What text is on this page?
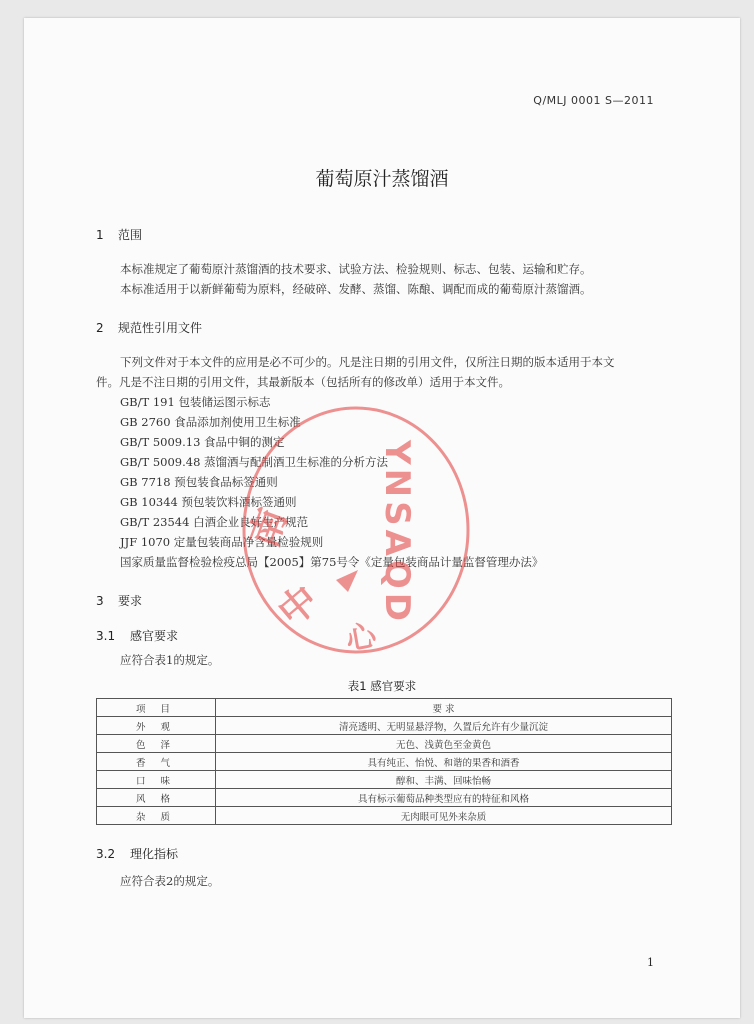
Q/MLJ 0001 S—2011
葡萄原汁蒸馏酒
1 范围
本标准规定了葡萄原汁蒸馏酒的技术要求、试验方法、检验规则、标志、包装、运输和贮存。
本标准适用于以新鲜葡萄为原料，经破碎、发酵、蒸馏、陈酿、调配而成的葡萄原汁蒸馏酒。
2 规范性引用文件
下列文件对于本文件的应用是必不可少的。凡是注日期的引用文件，仅所注日期的版本适用于本文
件。凡是不注日期的引用文件，其最新版本（包括所有的修改单）适用于本文件。
GB/T 191 包装储运图示标志
GB 2760 食品添加剂使用卫生标准
GB/T 5009.13 食品中铜的测定
GB/T 5009.48 蒸馏酒与配制酒卫生标准的分析方法
GB 7718 预包装食品标签通则
GB 10344 预包装饮料酒标签通则
GB/T 23544 白酒企业良好生产规范
JJF 1070 定量包装商品净含量检验规则
国家质量监督检验检疫总局【2005】第75号令《定量包装商品计量监督管理办法》
3 要求
3.1 感官要求
应符合表1的规定。
表1 感官要求
项 目	要 求
外 观	清亮透明、无明显悬浮物，久置后允许有少量沉淀
色 泽	无色、浅黄色至金黄色
香 气	具有纯正、怡悦、和谐的果香和酒香
口 味	醇和、丰满、回味怡畅
风 格	具有标示葡萄品种类型应有的特征和风格
杂 质	无肉眼可见外来杂质
3.2 理化指标
应符合表2的规定。
1
YNSAQD
南
中
心
